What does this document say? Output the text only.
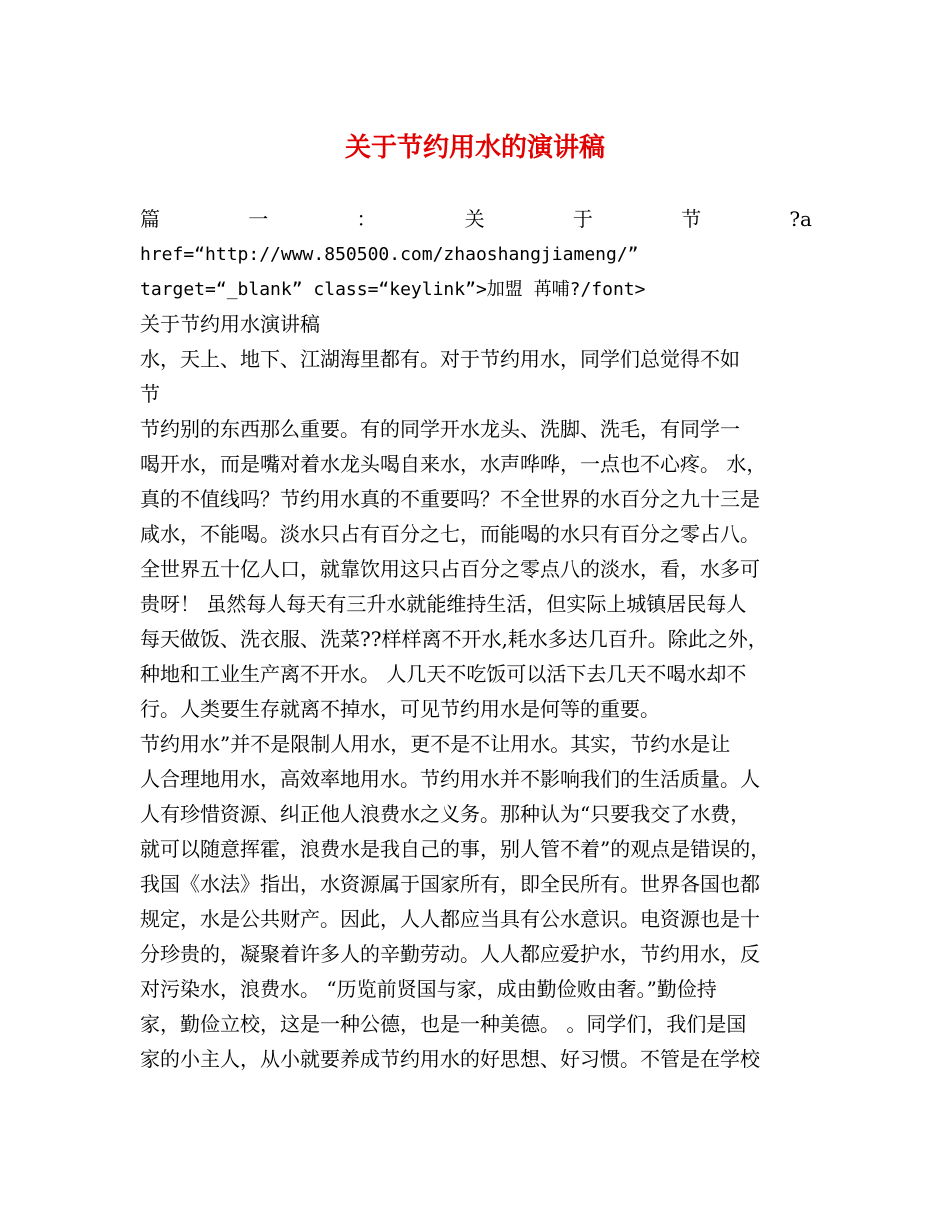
关于节约用水的演讲稿
篇	一	：	关	于	节	?a
href=“http://www.850500.com/zhaoshangjiameng/”
target=“_blank” class=“keylink”>加盟 苒哺?/font>
关于节约用水演讲稿
水，天上、地下、江湖海里都有。对于节约用水，同学们总觉得不如
节
节约别的东西那么重要。有的同学开水龙头、洗脚、洗毛，有同学一
喝开水，而是嘴对着水龙头喝自来水，水声哗哗，一点也不心疼。 水，
真的不值线吗？节约用水真的不重要吗？不全世界的水百分之九十三是
咸水，不能喝。淡水只占有百分之七，而能喝的水只有百分之零占八。
全世界五十亿人口，就靠饮用这只占百分之零点八的淡水，看，水多可
贵呀！ 虽然每人每天有三升水就能维持生活，但实际上城镇居民每人
每天做饭、洗衣服、洗菜??样样离不开水,耗水多达几百升。除此之外，
种地和工业生产离不开水。 人几天不吃饭可以活下去几天不喝水却不
行。人类要生存就离不掉水，可见节约用水是何等的重要。
节约用水”并不是限制人用水，更不是不让用水。其实，节约水是让
人合理地用水，高效率地用水。节约用水并不影响我们的生活质量。人
人有珍惜资源、纠正他人浪费水之义务。那种认为“只要我交了水费，
就可以随意挥霍，浪费水是我自己的事，别人管不着”的观点是错误的，
我国《水法》指出，水资源属于国家所有，即全民所有。世界各国也都
规定，水是公共财产。因此，人人都应当具有公水意识。电资源也是十
分珍贵的，凝聚着许多人的辛勤劳动。人人都应爱护水，节约用水，反
对污染水，浪费水。 “历览前贤国与家，成由勤俭败由奢。”勤俭持
家，勤俭立校，这是一种公德，也是一种美德。 。同学们，我们是国
家的小主人，从小就要养成节约用水的好思想、好习惯。不管是在学校
